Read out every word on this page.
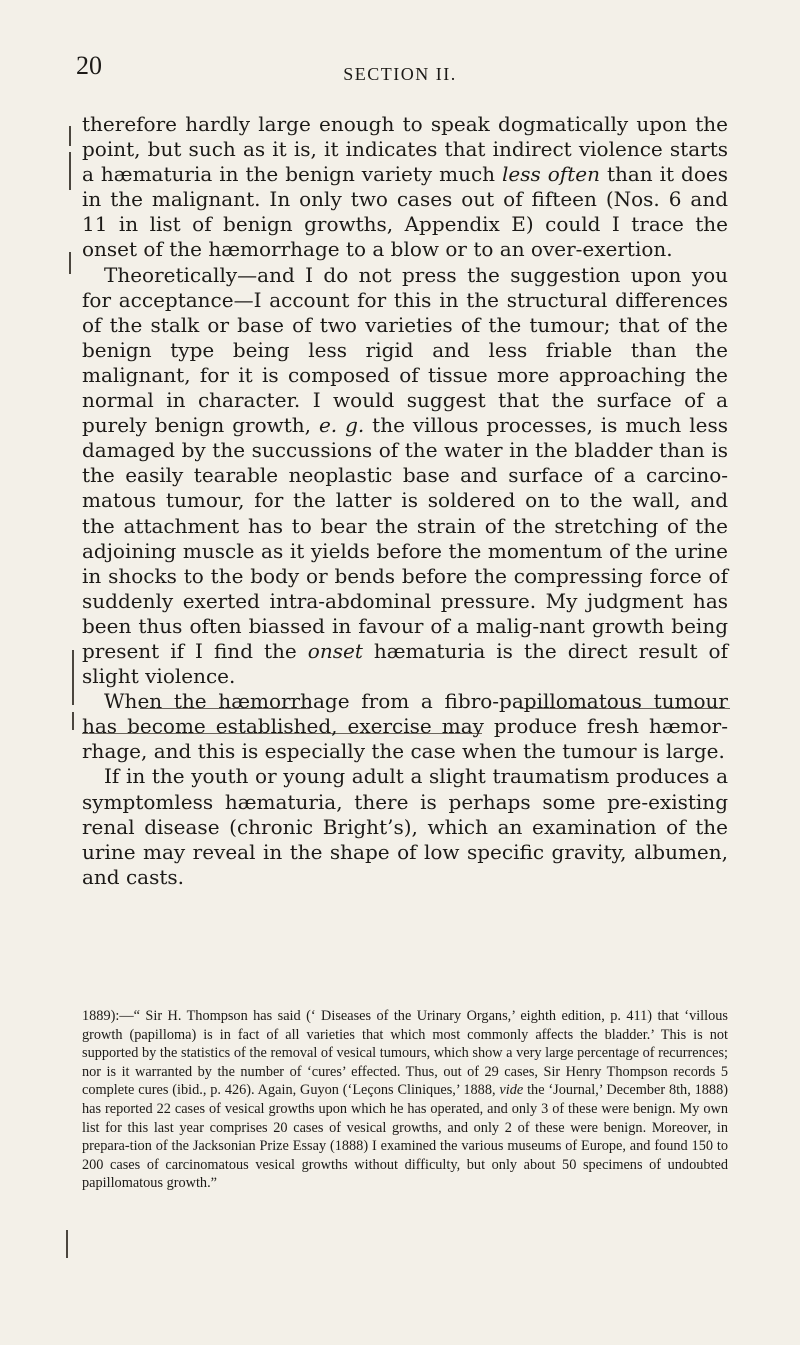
20	SECTION II.

therefore hardly large enough to speak dogmatically upon the point, but such as it is, it indicates that indirect violence starts a hæmaturia in the benign variety much less often than it does in the malignant. In only two cases out of fifteen (Nos. 6 and 11 in list of benign growths, Appendix E) could I trace the onset of the hæmorrhage to a blow or to an over-exertion.

Theoretically—and I do not press the suggestion upon you for acceptance—I account for this in the structural differences of the stalk or base of two varieties of the tumour; that of the benign type being less rigid and less friable than the malignant, for it is composed of tissue more approaching the normal in character. I would suggest that the surface of a purely benign growth, e. g. the villous processes, is much less damaged by the succussions of the water in the bladder than is the easily tearable neoplastic base and surface of a carcino-matous tumour, for the latter is soldered on to the wall, and the attachment has to bear the strain of the stretching of the adjoining muscle as it yields before the momentum of the urine in shocks to the body or bends before the compressing force of suddenly exerted intra-abdominal pressure. My judgment has been thus often biassed in favour of a malig-nant growth being present if I find the onset hæmaturia is the direct result of slight violence.

When the hæmorrhage from a fibro-papillomatous tumour has become established, exercise may produce fresh hæmor-rhage, and this is especially the case when the tumour is large.

If in the youth or young adult a slight traumatism produces a symptomless hæmaturia, there is perhaps some pre-existing renal disease (chronic Bright’s), which an examination of the urine may reveal in the shape of low specific gravity, albumen, and casts.

1889):—“ Sir H. Thompson has said (‘ Diseases of the Urinary Organs,’ eighth edition, p. 411) that ‘villous growth (papilloma) is in fact of all varieties that which most commonly affects the bladder.’ This is not supported by the statistics of the removal of vesical tumours, which show a very large percentage of recurrences; nor is it warranted by the number of ‘cures’ effected. Thus, out of 29 cases, Sir Henry Thompson records 5 complete cures (ibid., p. 426). Again, Guyon (‘Leçons Cliniques,’ 1888, vide the ‘Journal,’ December 8th, 1888) has reported 22 cases of vesical growths upon which he has operated, and only 3 of these were benign. My own list for this last year comprises 20 cases of vesical growths, and only 2 of these were benign. Moreover, in prepara-tion of the Jacksonian Prize Essay (1888) I examined the various museums of Europe, and found 150 to 200 cases of carcinomatous vesical growths without difficulty, but only about 50 specimens of undoubted papillomatous growth.”
